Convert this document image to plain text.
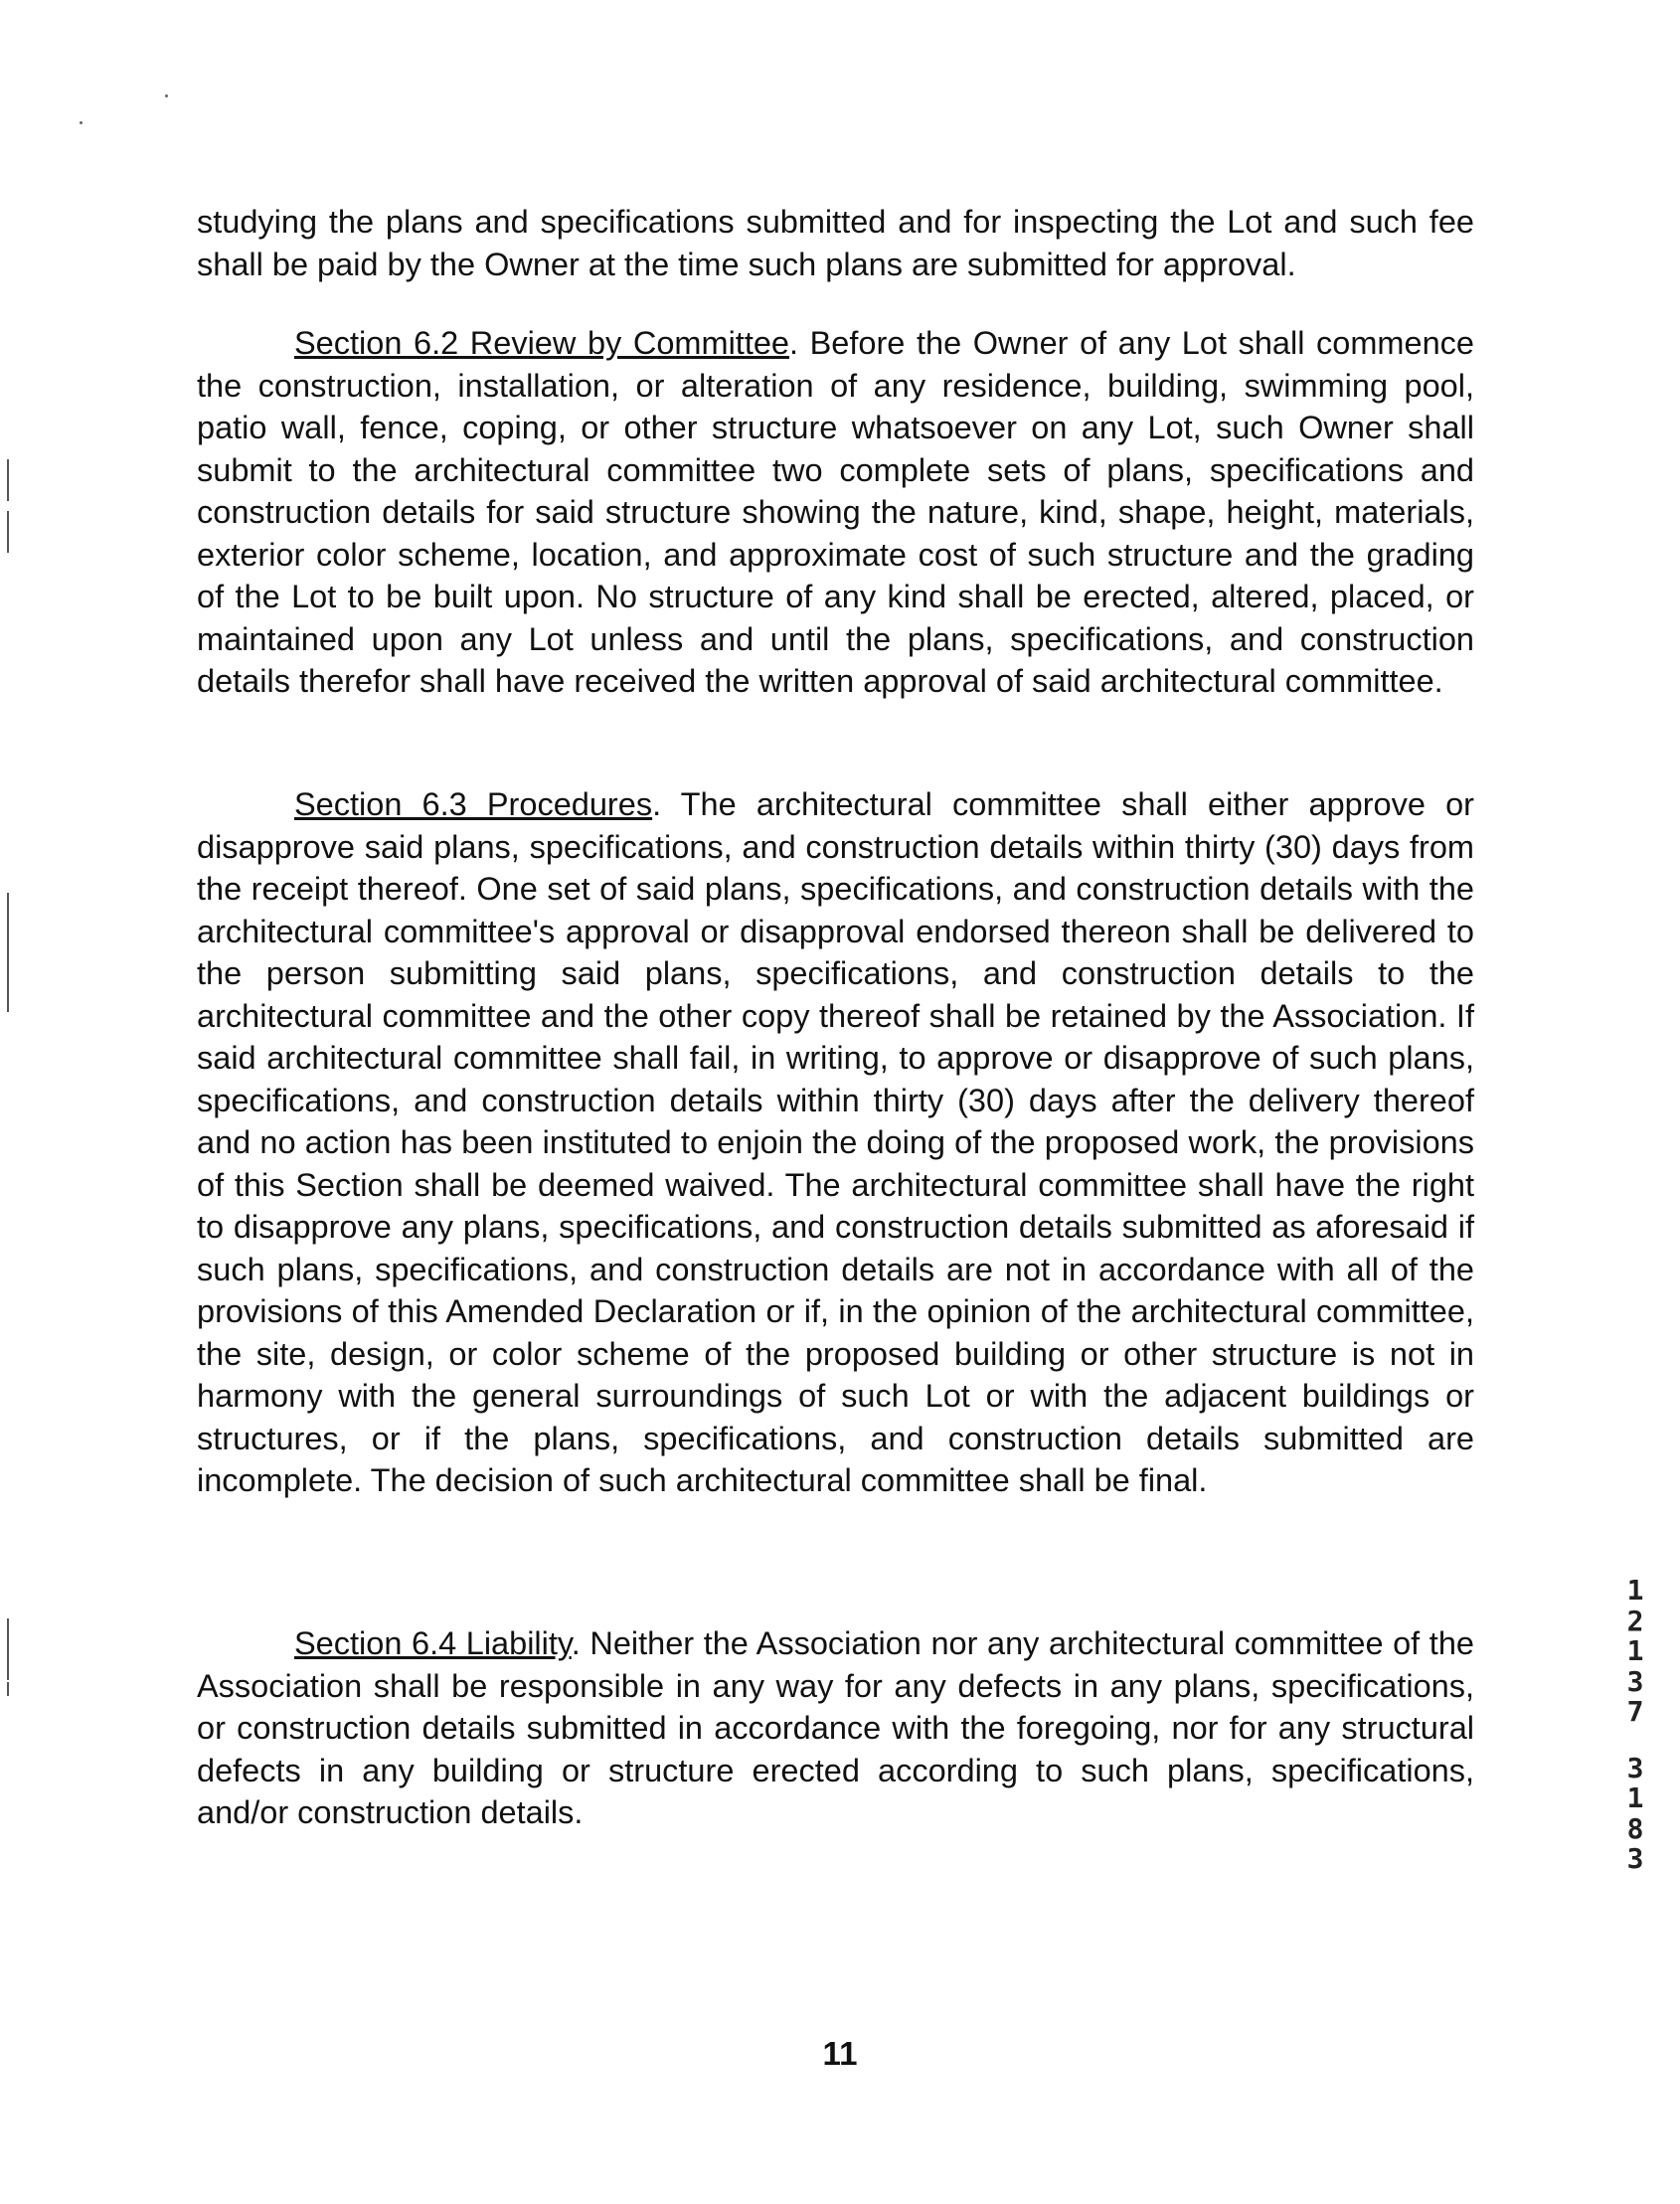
studying the plans and specifications submitted and for inspecting the Lot and such fee shall be paid by the Owner at the time such plans are submitted for approval.

Section 6.2 Review by Committee. Before the Owner of any Lot shall commence the construction, installation, or alteration of any residence, building, swimming pool, patio wall, fence, coping, or other structure whatsoever on any Lot, such Owner shall submit to the architectural committee two complete sets of plans, specifications and construction details for said structure showing the nature, kind, shape, height, materials, exterior color scheme, location, and approximate cost of such structure and the grading of the Lot to be built upon. No structure of any kind shall be erected, altered, placed, or maintained upon any Lot unless and until the plans, specifications, and construction details therefor shall have received the written approval of said architectural committee.

Section 6.3 Procedures. The architectural committee shall either approve or disapprove said plans, specifications, and construction details within thirty (30) days from the receipt thereof. One set of said plans, specifications, and construction details with the architectural committee's approval or disapproval endorsed thereon shall be delivered to the person submitting said plans, specifications, and construction details to the architectural committee and the other copy thereof shall be retained by the Association. If said architectural committee shall fail, in writing, to approve or disapprove of such plans, specifications, and construction details within thirty (30) days after the delivery thereof and no action has been instituted to enjoin the doing of the proposed work, the provisions of this Section shall be deemed waived. The architectural committee shall have the right to disapprove any plans, specifications, and construction details submitted as aforesaid if such plans, specifications, and construction details are not in accordance with all of the provisions of this Amended Declaration or if, in the opinion of the architectural committee, the site, design, or color scheme of the proposed building or other structure is not in harmony with the general surroundings of such Lot or with the adjacent buildings or structures, or if the plans, specifications, and construction details submitted are incomplete. The decision of such architectural committee shall be final.

Section 6.4 Liability. Neither the Association nor any architectural committee of the Association shall be responsible in any way for any defects in any plans, specifications, or construction details submitted in accordance with the foregoing, nor for any structural defects in any building or structure erected according to such plans, specifications, and/or construction details.

11
1
2
1
3
7
3
1
8
3
